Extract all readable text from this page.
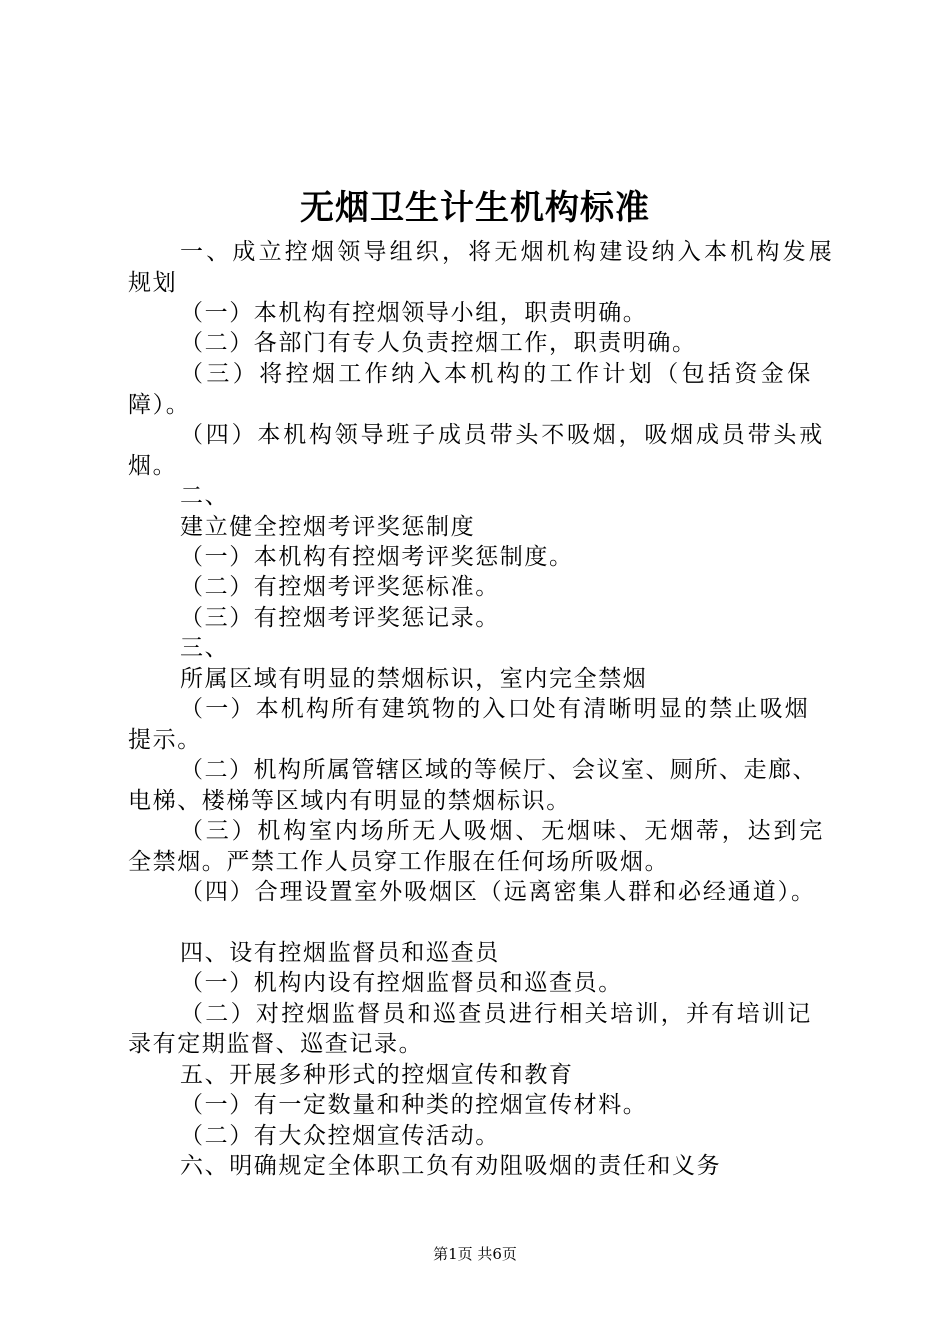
无烟卫生计生机构标准
一、成立控烟领导组织，将无烟机构建设纳入本机构发展
规划
（一）本机构有控烟领导小组，职责明确。
（二）各部门有专人负责控烟工作，职责明确。
（三）将控烟工作纳入本机构的工作计划（包括资金保
障）。
（四）本机构领导班子成员带头不吸烟，吸烟成员带头戒
烟。
二、
建立健全控烟考评奖惩制度
（一）本机构有控烟考评奖惩制度。
（二）有控烟考评奖惩标准。
（三）有控烟考评奖惩记录。
三、
所属区域有明显的禁烟标识，室内完全禁烟
（一）本机构所有建筑物的入口处有清晰明显的禁止吸烟
提示。
（二）机构所属管辖区域的等候厅、会议室、厕所、走廊、
电梯、楼梯等区域内有明显的禁烟标识。
（三）机构室内场所无人吸烟、无烟味、无烟蒂，达到完
全禁烟。严禁工作人员穿工作服在任何场所吸烟。
（四）合理设置室外吸烟区（远离密集人群和必经通道）。
四、设有控烟监督员和巡查员
（一）机构内设有控烟监督员和巡查员。
（二）对控烟监督员和巡查员进行相关培训，并有培训记
录有定期监督、巡查记录。
五、开展多种形式的控烟宣传和教育
（一）有一定数量和种类的控烟宣传材料。
（二）有大众控烟宣传活动。
六、明确规定全体职工负有劝阻吸烟的责任和义务
第1页 共6页
